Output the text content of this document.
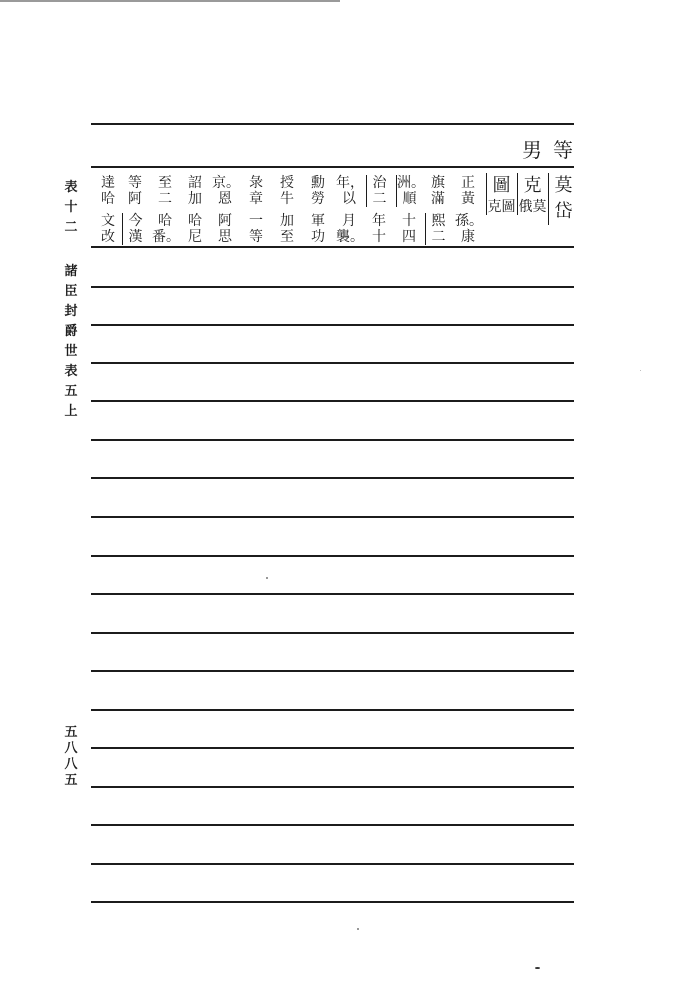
表
十
二
諸
臣
封
爵
世
表
五
上
五
八
八
五
男 等
莫
岱
克
俄莫
圖
克圖
正黃
孫。康
旗滿
熙二
洲。順
十四
治二
年十
年，以
月襲。
勳勞
軍功
授牛
加至
彔章
一等
京。恩
阿思
詔加
哈尼
至二
哈番。
等阿
今漢
達哈
文改
